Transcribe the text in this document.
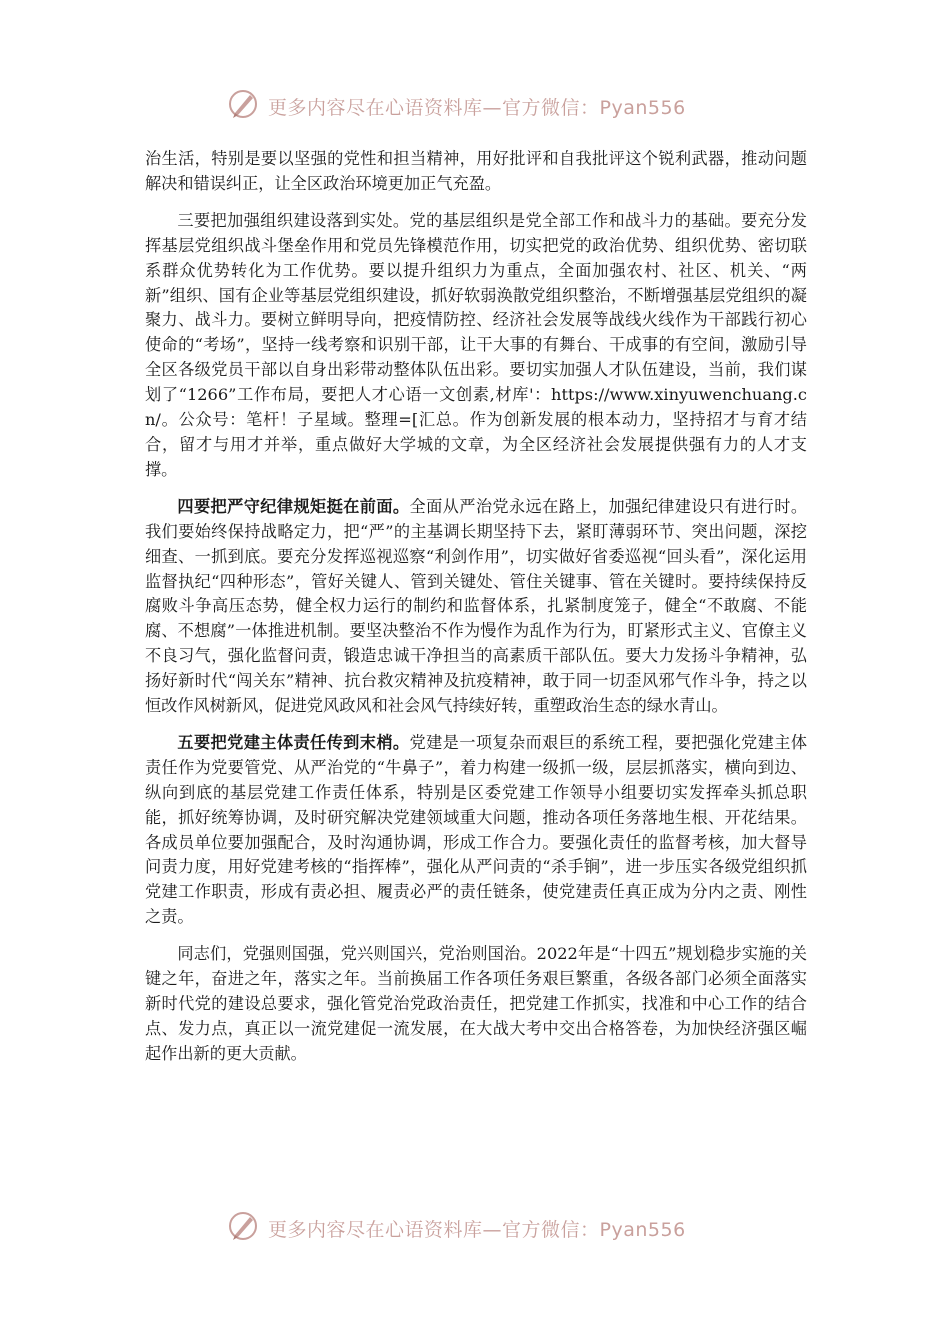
更多内容尽在心语资料库—官方微信：Pyan556

治生活，特别是要以坚强的党性和担当精神，用好批评和自我批评这个锐利武器，推动问题解决和错误纠正，让全区政治环境更加正气充盈。

三要把加强组织建设落到实处。党的基层组织是党全部工作和战斗力的基础。要充分发挥基层党组织战斗堡垒作用和党员先锋模范作用，切实把党的政治优势、组织优势、密切联系群众优势转化为工作优势。要以提升组织力为重点，全面加强农村、社区、机关、“两新”组织、国有企业等基层党组织建设，抓好软弱涣散党组织整治，不断增强基层党组织的凝聚力、战斗力。要树立鲜明导向，把疫情防控、经济社会发展等战线火线作为干部践行初心使命的“考场”，坚持一线考察和识别干部，让干大事的有舞台、干成事的有空间，激励引导全区各级党员干部以自身出彩带动整体队伍出彩。要切实加强人才队伍建设，当前，我们谋划了“1266”工作布局，要把人才心语一文创素,材库'：https://www.xinyuwenchuang.cn/。公众号：笔杆！子星域。整理=[汇总。作为创新发展的根本动力，坚持招才与育才结合，留才与用才并举，重点做好大学城的文章，为全区经济社会发展提供强有力的人才支撑。

四要把严守纪律规矩挺在前面。全面从严治党永远在路上，加强纪律建设只有进行时。我们要始终保持战略定力，把“严”的主基调长期坚持下去，紧盯薄弱环节、突出问题，深挖细查、一抓到底。要充分发挥巡视巡察“利剑作用”，切实做好省委巡视“回头看”，深化运用监督执纪“四种形态”，管好关键人、管到关键处、管住关键事、管在关键时。要持续保持反腐败斗争高压态势，健全权力运行的制约和监督体系，扎紧制度笼子，健全“不敢腐、不能腐、不想腐”一体推进机制。要坚决整治不作为慢作为乱作为行为，盯紧形式主义、官僚主义不良习气，强化监督问责，锻造忠诚干净担当的高素质干部队伍。要大力发扬斗争精神，弘扬好新时代“闯关东”精神、抗台救灾精神及抗疫精神，敢于同一切歪风邪气作斗争，持之以恒改作风树新风，促进党风政风和社会风气持续好转，重塑政治生态的绿水青山。

五要把党建主体责任传到末梢。党建是一项复杂而艰巨的系统工程，要把强化党建主体责任作为党要管党、从严治党的“牛鼻子”，着力构建一级抓一级，层层抓落实，横向到边、纵向到底的基层党建工作责任体系，特别是区委党建工作领导小组要切实发挥牵头抓总职能，抓好统筹协调，及时研究解决党建领域重大问题，推动各项任务落地生根、开花结果。各成员单位要加强配合，及时沟通协调，形成工作合力。要强化责任的监督考核，加大督导问责力度，用好党建考核的“指挥棒”，强化从严问责的“杀手锏”，进一步压实各级党组织抓党建工作职责，形成有责必担、履责必严的责任链条，使党建责任真正成为分内之责、刚性之责。

同志们，党强则国强，党兴则国兴，党治则国治。2022年是“十四五”规划稳步实施的关键之年，奋进之年，落实之年。当前换届工作各项任务艰巨繁重，各级各部门必须全面落实新时代党的建设总要求，强化管党治党政治责任，把党建工作抓实，找准和中心工作的结合点、发力点，真正以一流党建促一流发展，在大战大考中交出合格答卷，为加快经济强区崛起作出新的更大贡献。

更多内容尽在心语资料库—官方微信：Pyan556
